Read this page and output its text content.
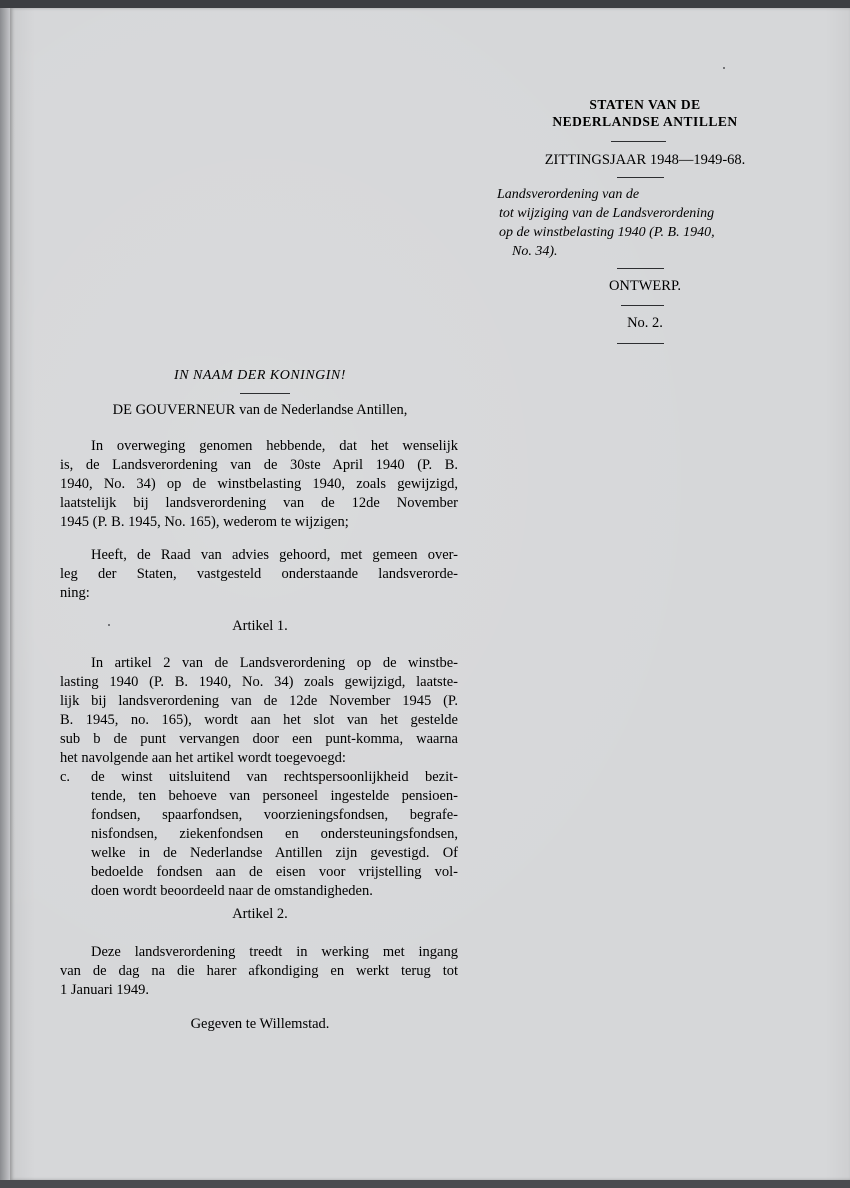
STATEN VAN DE
NEDERLANDSE ANTILLEN
ZITTINGSJAAR 1948—1949-68.
Landsverordening van de
tot wijziging van de Landsverordening
op de winstbelasting 1940 (P. B. 1940,
No. 34).
ONTWERP.
No. 2.
IN NAAM DER KONINGIN!
DE GOUVERNEUR van de Nederlandse Antillen,
In overweging genomen hebbende, dat het wenselijk
is, de Landsverordening van de 30ste April 1940 (P. B.
1940, No. 34) op de winstbelasting 1940, zoals gewijzigd,
laatstelijk bij landsverordening van de 12de November
1945 (P. B. 1945, No. 165), wederom te wijzigen;
Heeft, de Raad van advies gehoord, met gemeen over-
leg der Staten, vastgesteld onderstaande landsverorde-
ning:
Artikel 1.
In artikel 2 van de Landsverordening op de winstbe-
lasting 1940 (P. B. 1940, No. 34) zoals gewijzigd, laatste-
lijk bij landsverordening van de 12de November 1945 (P.
B. 1945, no. 165), wordt aan het slot van het gestelde
sub b de punt vervangen door een punt-komma, waarna
het navolgende aan het artikel wordt toegevoegd:
c. de winst uitsluitend van rechtspersoonlijkheid bezit-
tende, ten behoeve van personeel ingestelde pensioen-
fondsen, spaarfondsen, voorzieningsfondsen, begrafe-
nisfondsen, ziekenfondsen en ondersteuningsfondsen,
welke in de Nederlandse Antillen zijn gevestigd. Of
bedoelde fondsen aan de eisen voor vrijstelling vol-
doen wordt beoordeeld naar de omstandigheden.
Artikel 2.
Deze landsverordening treedt in werking met ingang
van de dag na die harer afkondiging en werkt terug tot
1 Januari 1949.
Gegeven te Willemstad.
